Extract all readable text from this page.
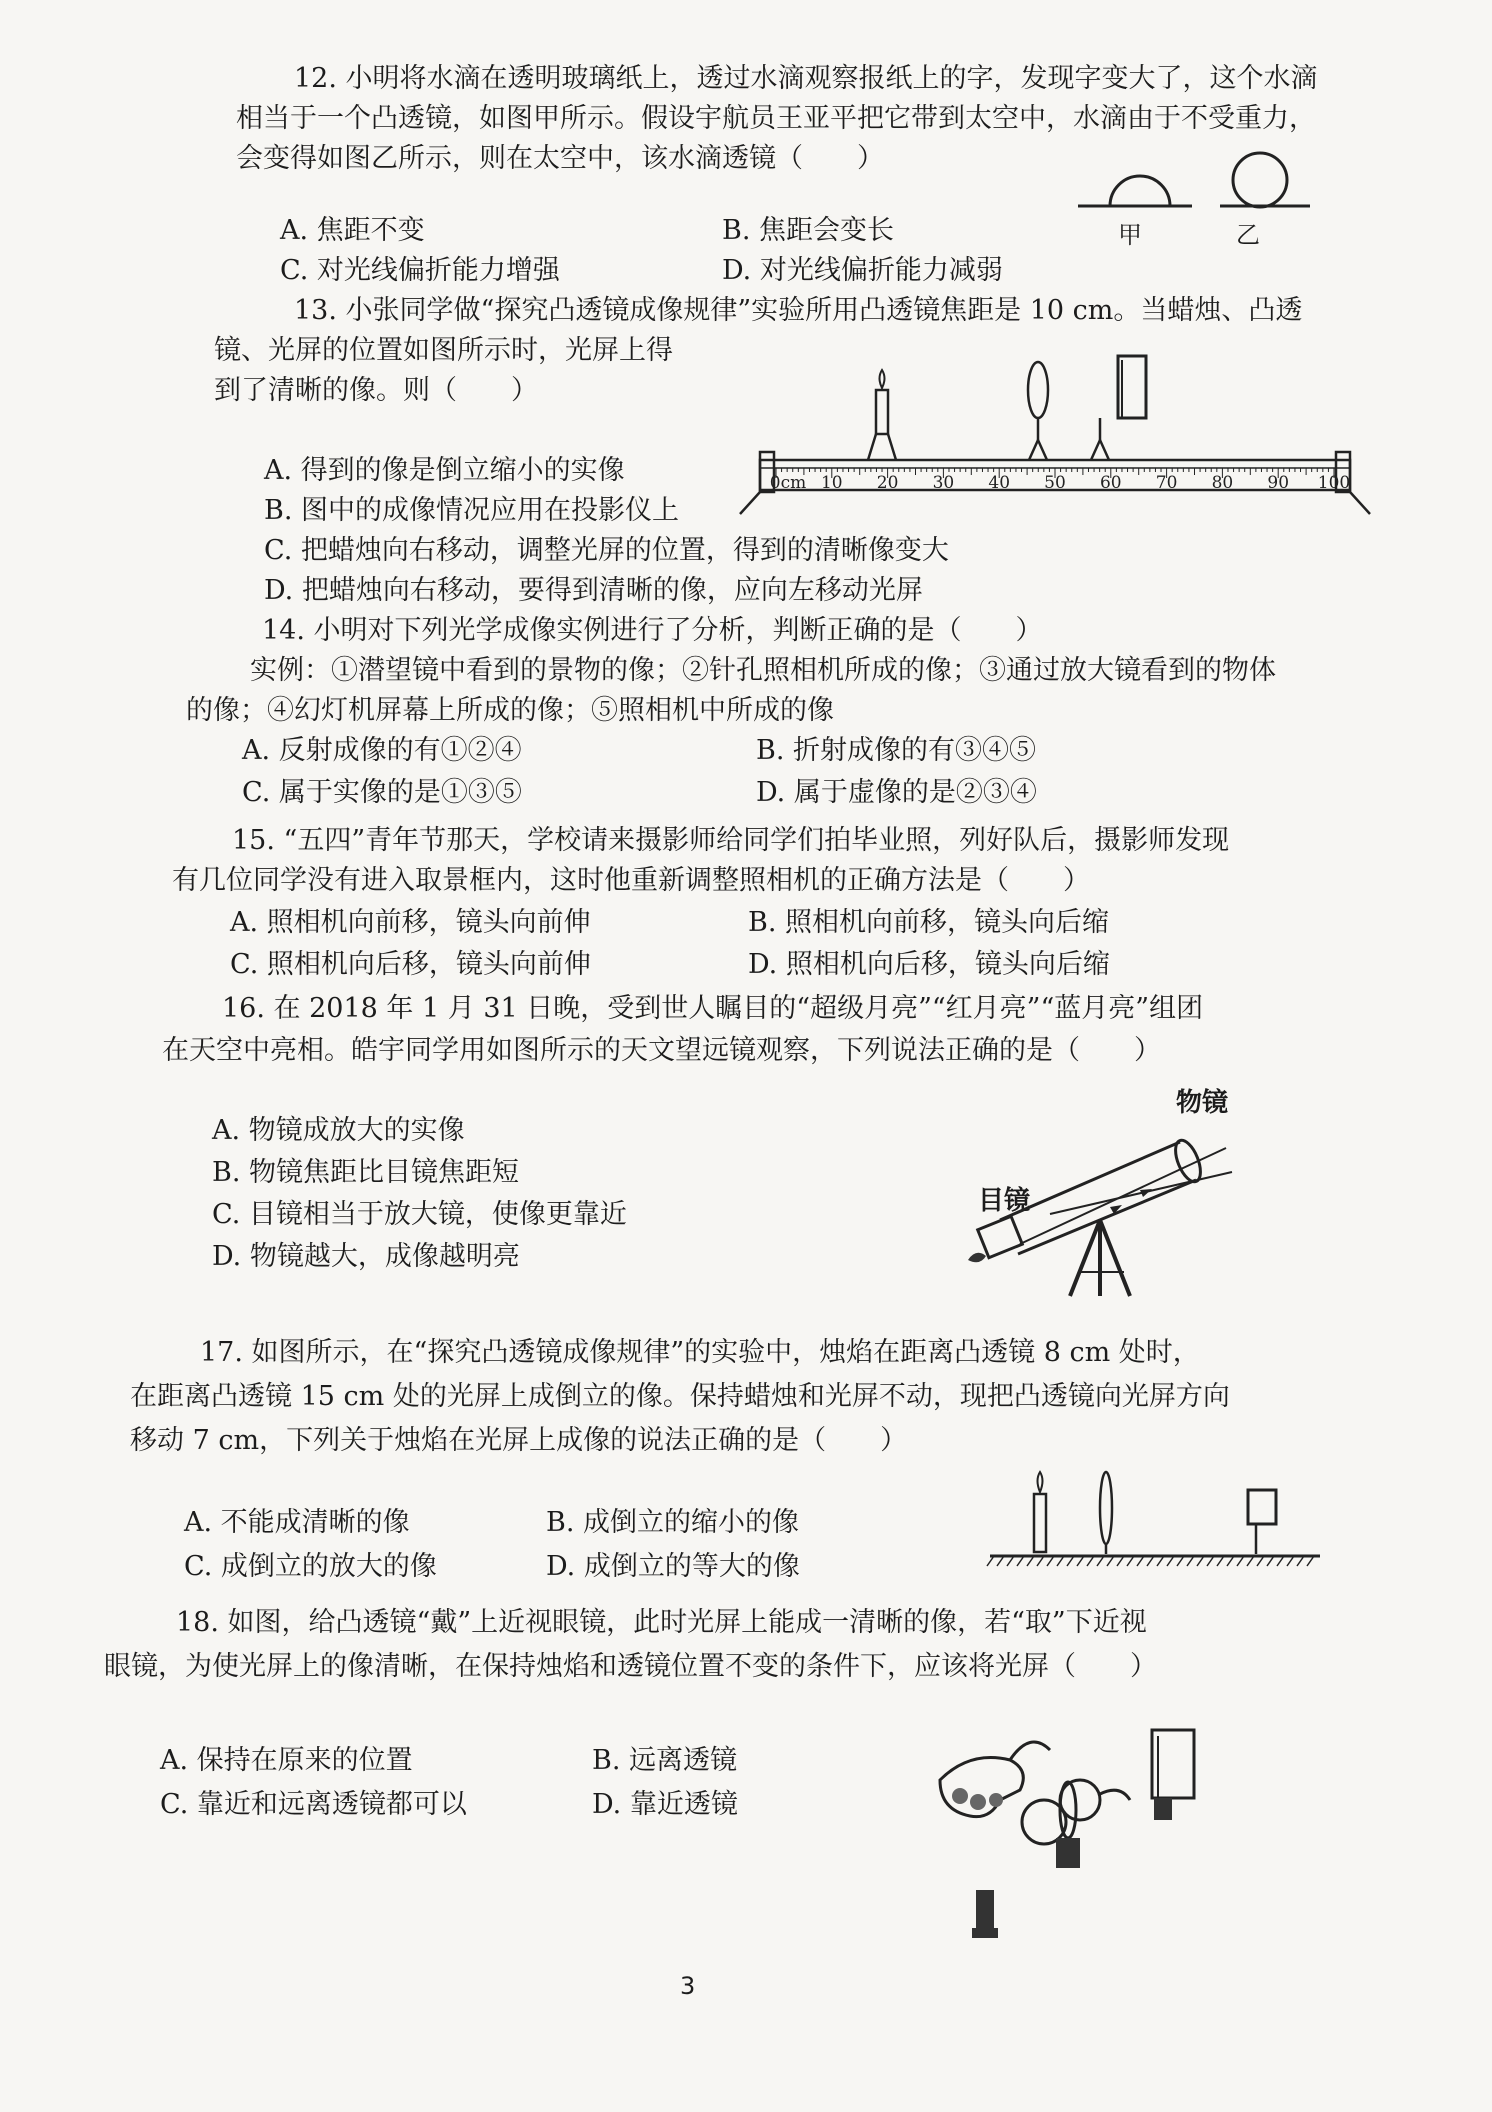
12. 小明将水滴在透明玻璃纸上，透过水滴观察报纸上的字，发现字变大了，这个水滴
相当于一个凸透镜，如图甲所示。假设宇航员王亚平把它带到太空中，水滴由于不受重力，
会变得如图乙所示，则在太空中，该水滴透镜（　　）
A. 焦距不变	B. 焦距会变长
C. 对光线偏折能力增强	D. 对光线偏折能力减弱
甲	乙
13. 小张同学做“探究凸透镜成像规律”实验所用凸透镜焦距是 10 cm。当蜡烛、凸透
镜、光屏的位置如图所示时，光屏上得
到了清晰的像。则（　　）
A. 得到的像是倒立缩小的实像
B. 图中的成像情况应用在投影仪上
C. 把蜡烛向右移动，调整光屏的位置，得到的清晰像变大
D. 把蜡烛向右移动，要得到清晰的像，应向左移动光屏
0cm 10 20 30 40 50 60 70 80 90 100
14. 小明对下列光学成像实例进行了分析，判断正确的是（　　）
实例：①潜望镜中看到的景物的像；②针孔照相机所成的像；③通过放大镜看到的物体
的像；④幻灯机屏幕上所成的像；⑤照相机中所成的像
A. 反射成像的有①②④	B. 折射成像的有③④⑤
C. 属于实像的是①③⑤	D. 属于虚像的是②③④
15. “五四”青年节那天，学校请来摄影师给同学们拍毕业照，列好队后，摄影师发现
有几位同学没有进入取景框内，这时他重新调整照相机的正确方法是（　　）
A. 照相机向前移，镜头向前伸	B. 照相机向前移，镜头向后缩
C. 照相机向后移，镜头向前伸	D. 照相机向后移，镜头向后缩
16. 在 2018 年 1 月 31 日晚，受到世人瞩目的“超级月亮”“红月亮”“蓝月亮”组团
在天空中亮相。皓宇同学用如图所示的天文望远镜观察，下列说法正确的是（　　）
A. 物镜成放大的实像
B. 物镜焦距比目镜焦距短
C. 目镜相当于放大镜，使像更靠近
D. 物镜越大，成像越明亮
物镜
目镜
17. 如图所示，在“探究凸透镜成像规律”的实验中，烛焰在距离凸透镜 8 cm 处时，
在距离凸透镜 15 cm 处的光屏上成倒立的像。保持蜡烛和光屏不动，现把凸透镜向光屏方向
移动 7 cm，下列关于烛焰在光屏上成像的说法正确的是（　　）
A. 不能成清晰的像	B. 成倒立的缩小的像
C. 成倒立的放大的像	D. 成倒立的等大的像
18. 如图，给凸透镜“戴”上近视眼镜，此时光屏上能成一清晰的像，若“取”下近视
眼镜，为使光屏上的像清晰，在保持烛焰和透镜位置不变的条件下，应该将光屏（　　）
A. 保持在原来的位置	B. 远离透镜
C. 靠近和远离透镜都可以	D. 靠近透镜
3
